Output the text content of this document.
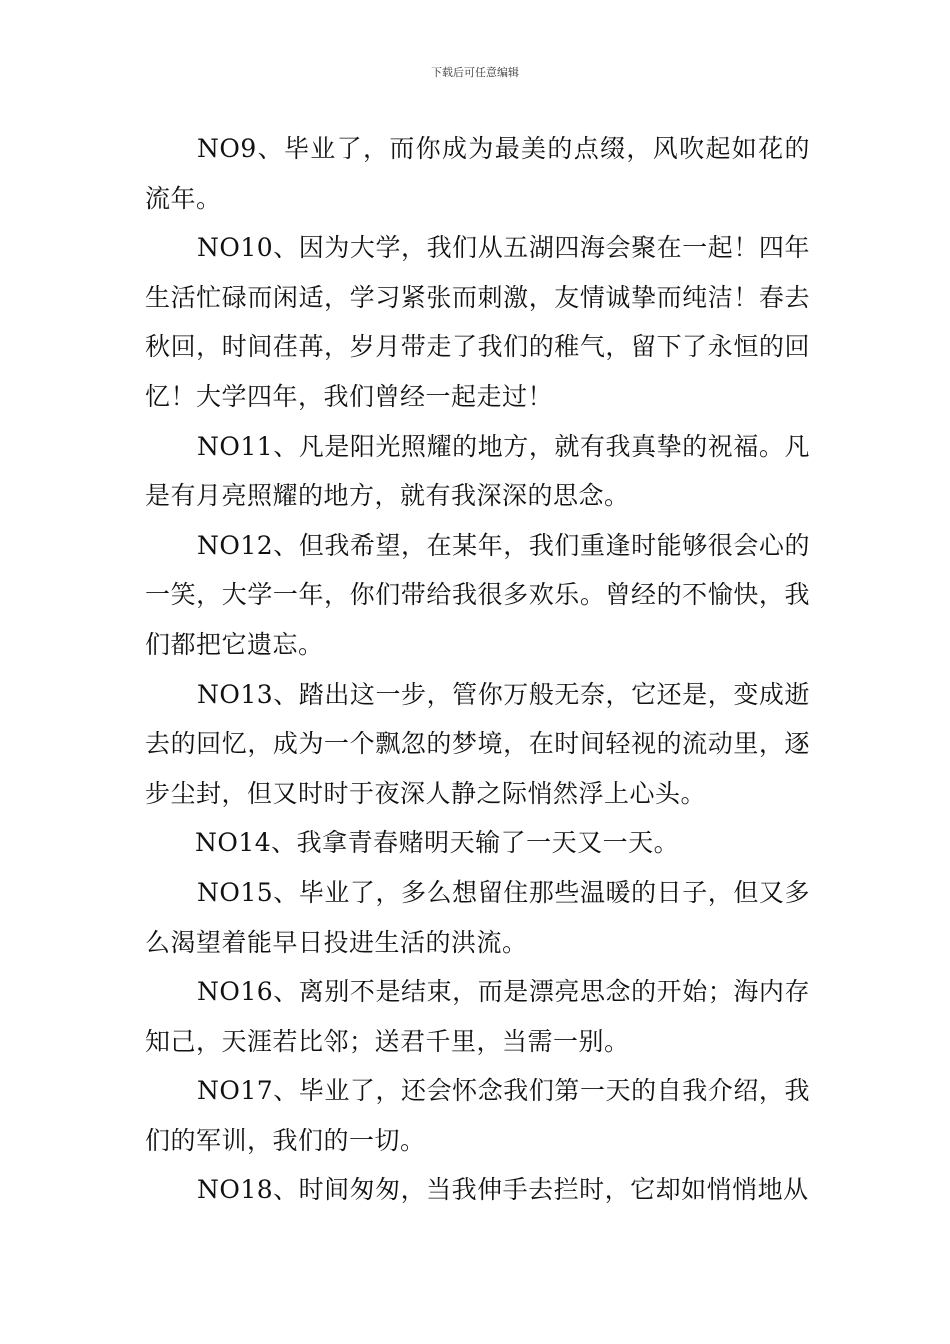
下载后可任意编辑

NO9、毕业了，而你成为最美的点缀，风吹起如花的流年。

NO10、因为大学，我们从五湖四海会聚在一起！四年生活忙碌而闲适，学习紧张而刺激，友情诚挚而纯洁！春去秋回，时间荏苒，岁月带走了我们的稚气，留下了永恒的回忆！大学四年，我们曾经一起走过！

NO11、凡是阳光照耀的地方，就有我真挚的祝福。凡是有月亮照耀的地方，就有我深深的思念。

NO12、但我希望，在某年，我们重逢时能够很会心的一笑，大学一年，你们带给我很多欢乐。曾经的不愉快，我们都把它遗忘。

NO13、踏出这一步，管你万般无奈，它还是，变成逝去的回忆，成为一个飘忽的梦境，在时间轻视的流动里，逐步尘封，但又时时于夜深人静之际悄然浮上心头。

NO14、我拿青春赌明天输了一天又一天。

NO15、毕业了，多么想留住那些温暖的日子，但又多么渴望着能早日投进生活的洪流。

NO16、离别不是结束，而是漂亮思念的开始；海内存知己，天涯若比邻；送君千里，当需一别。

NO17、毕业了，还会怀念我们第一天的自我介绍，我们的军训，我们的一切。

NO18、时间匆匆，当我伸手去拦时，它却如悄悄地从
